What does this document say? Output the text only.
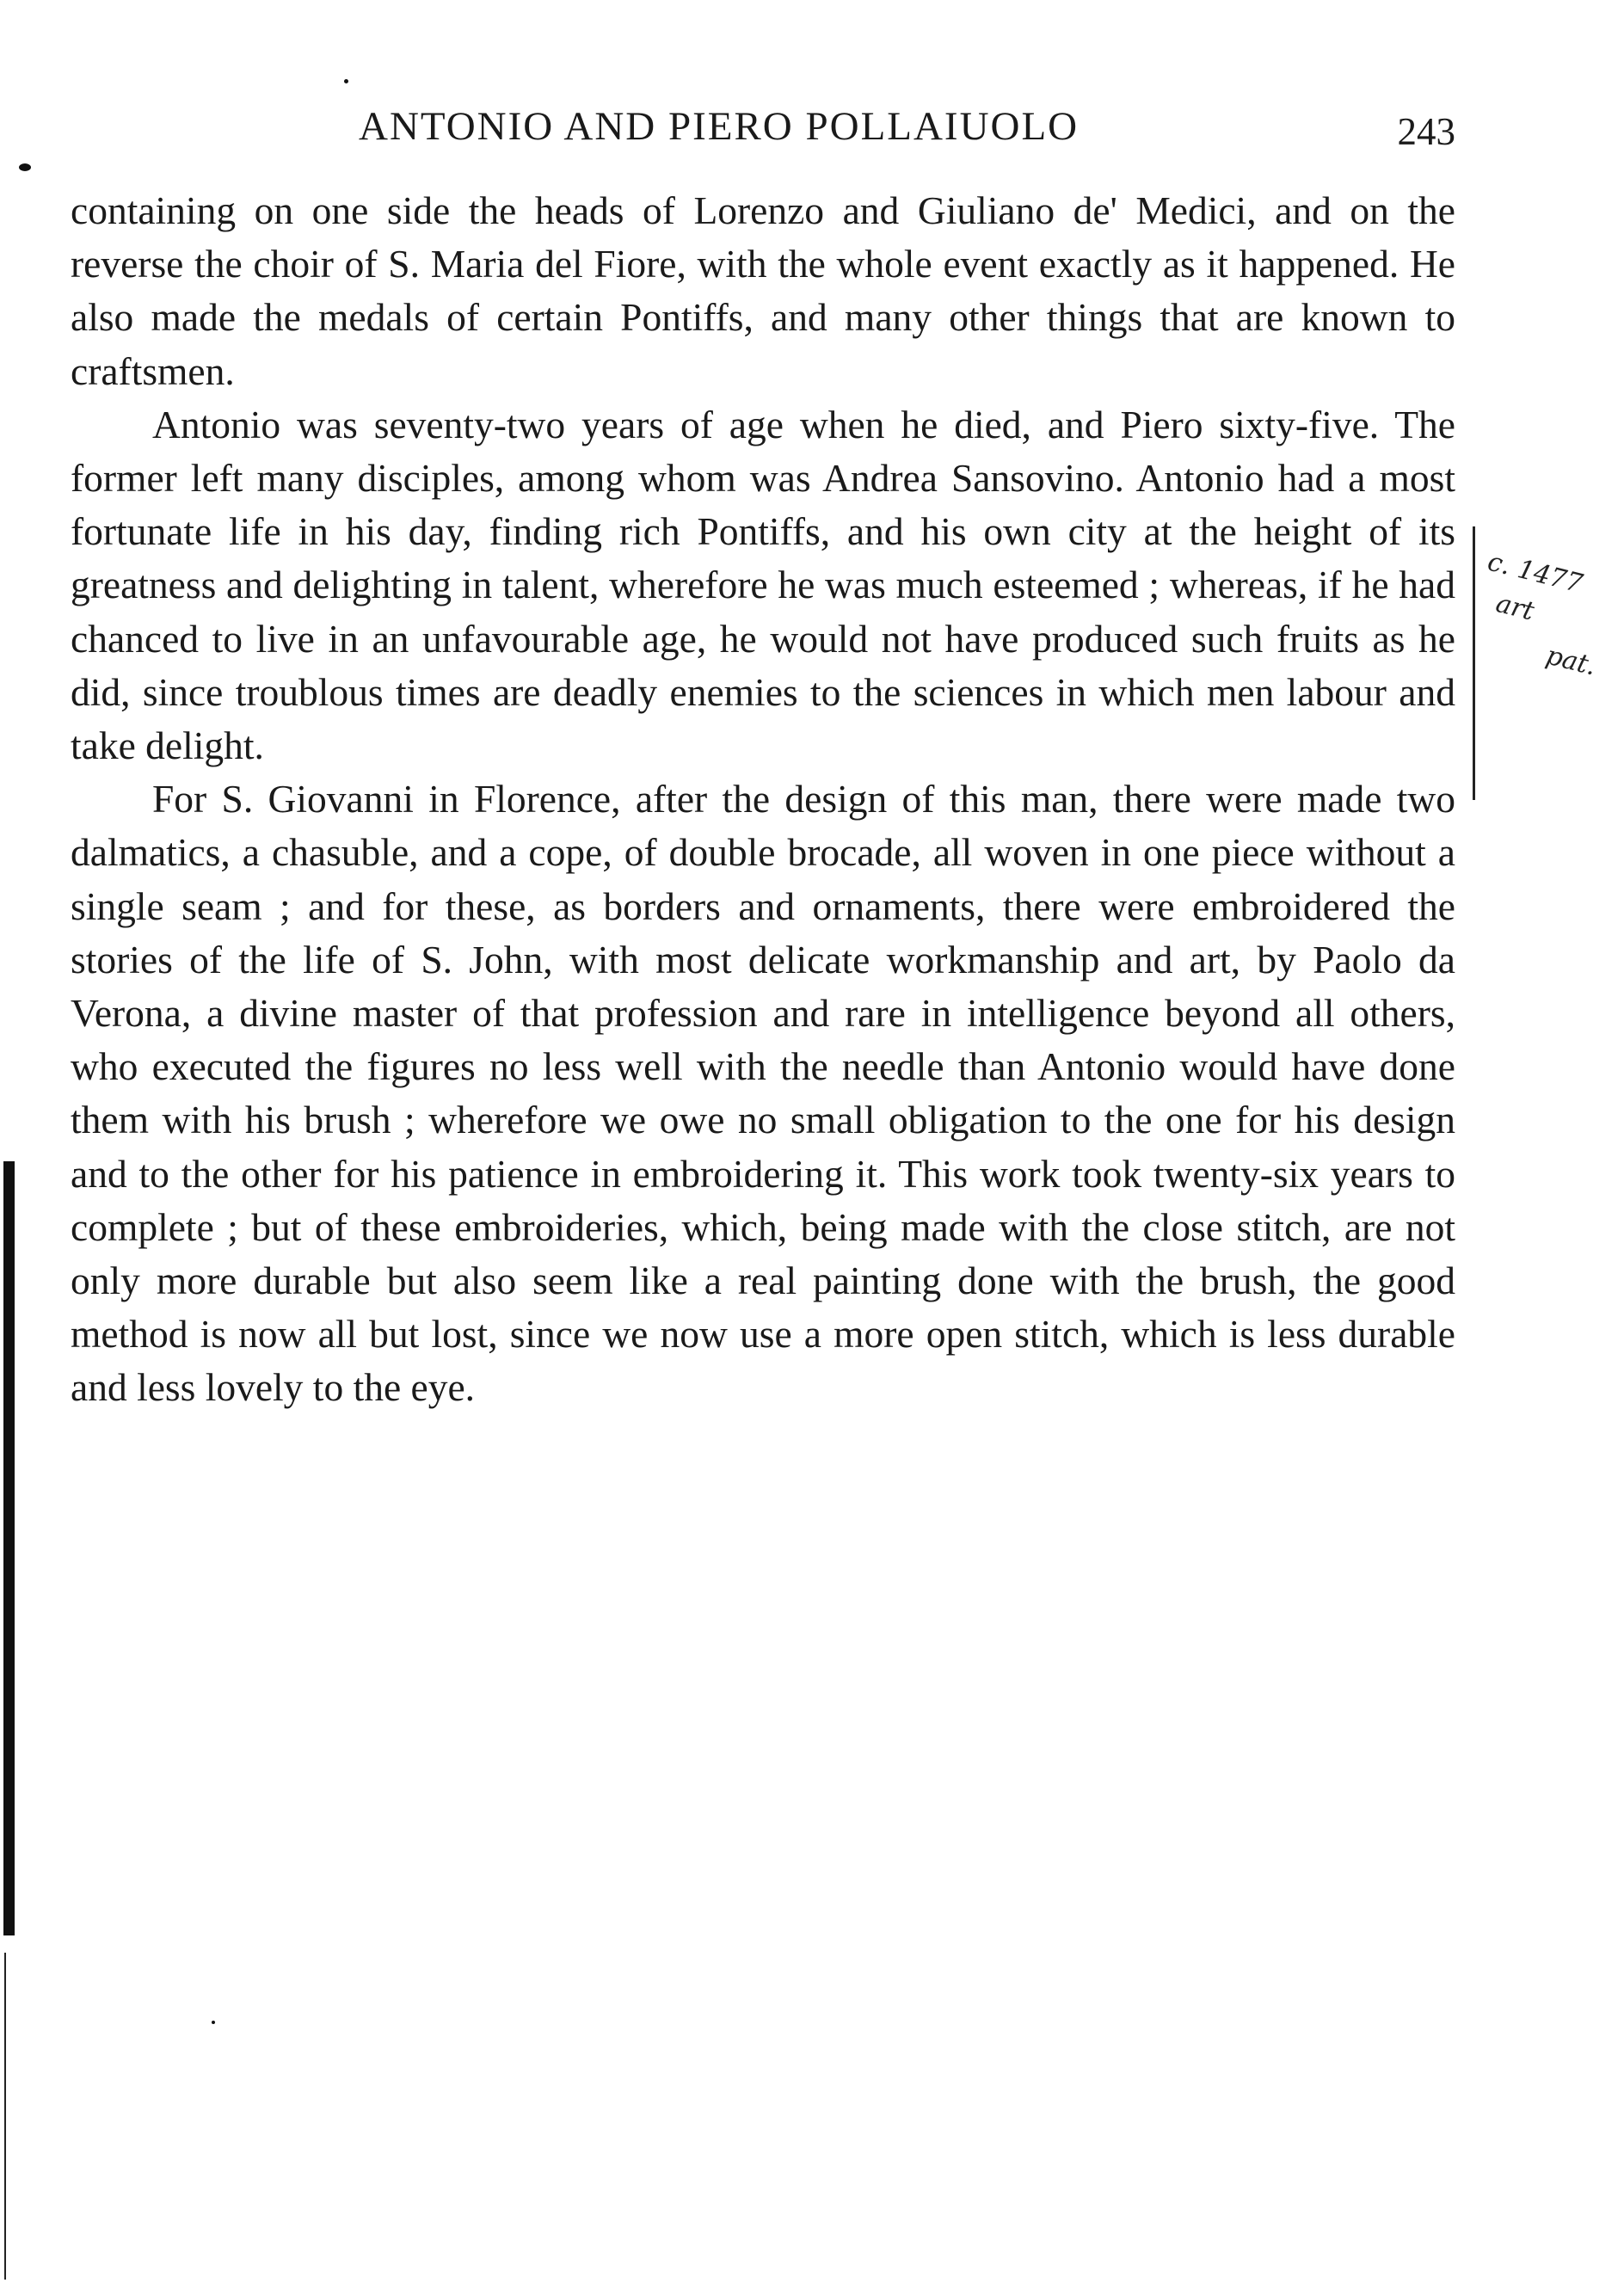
ANTONIO AND PIERO POLLAIUOLO	243

containing on one side the heads of Lorenzo and Giuliano de' Medici, and on the reverse the choir of S. Maria del Fiore, with the whole event exactly as it happened. He also made the medals of certain Pontiffs, and many other things that are known to craftsmen.

Antonio was seventy-two years of age when he died, and Piero sixty-five. The former left many disciples, among whom was Andrea Sansovino. Antonio had a most fortunate life in his day, finding rich Pontiffs, and his own city at the height of its greatness and delighting in talent, wherefore he was much esteemed ; whereas, if he had chanced to live in an unfavourable age, he would not have produced such fruits as he did, since troublous times are deadly enemies to the sciences in which men labour and take delight.

For S. Giovanni in Florence, after the design of this man, there were made two dalmatics, a chasuble, and a cope, of double brocade, all woven in one piece without a single seam ; and for these, as borders and ornaments, there were embroidered the stories of the life of S. John, with most delicate workmanship and art, by Paolo da Verona, a divine master of that profession and rare in intelligence beyond all others, who executed the figures no less well with the needle than Antonio would have done them with his brush ; wherefore we owe no small obligation to the one for his design and to the other for his patience in embroidering it. This work took twenty-six years to complete ; but of these embroideries, which, being made with the close stitch, are not only more durable but also seem like a real painting done with the brush, the good method is now all but lost, since we now use a more open stitch, which is less durable and less lovely to the eye.

c. 1477
art
pat.
